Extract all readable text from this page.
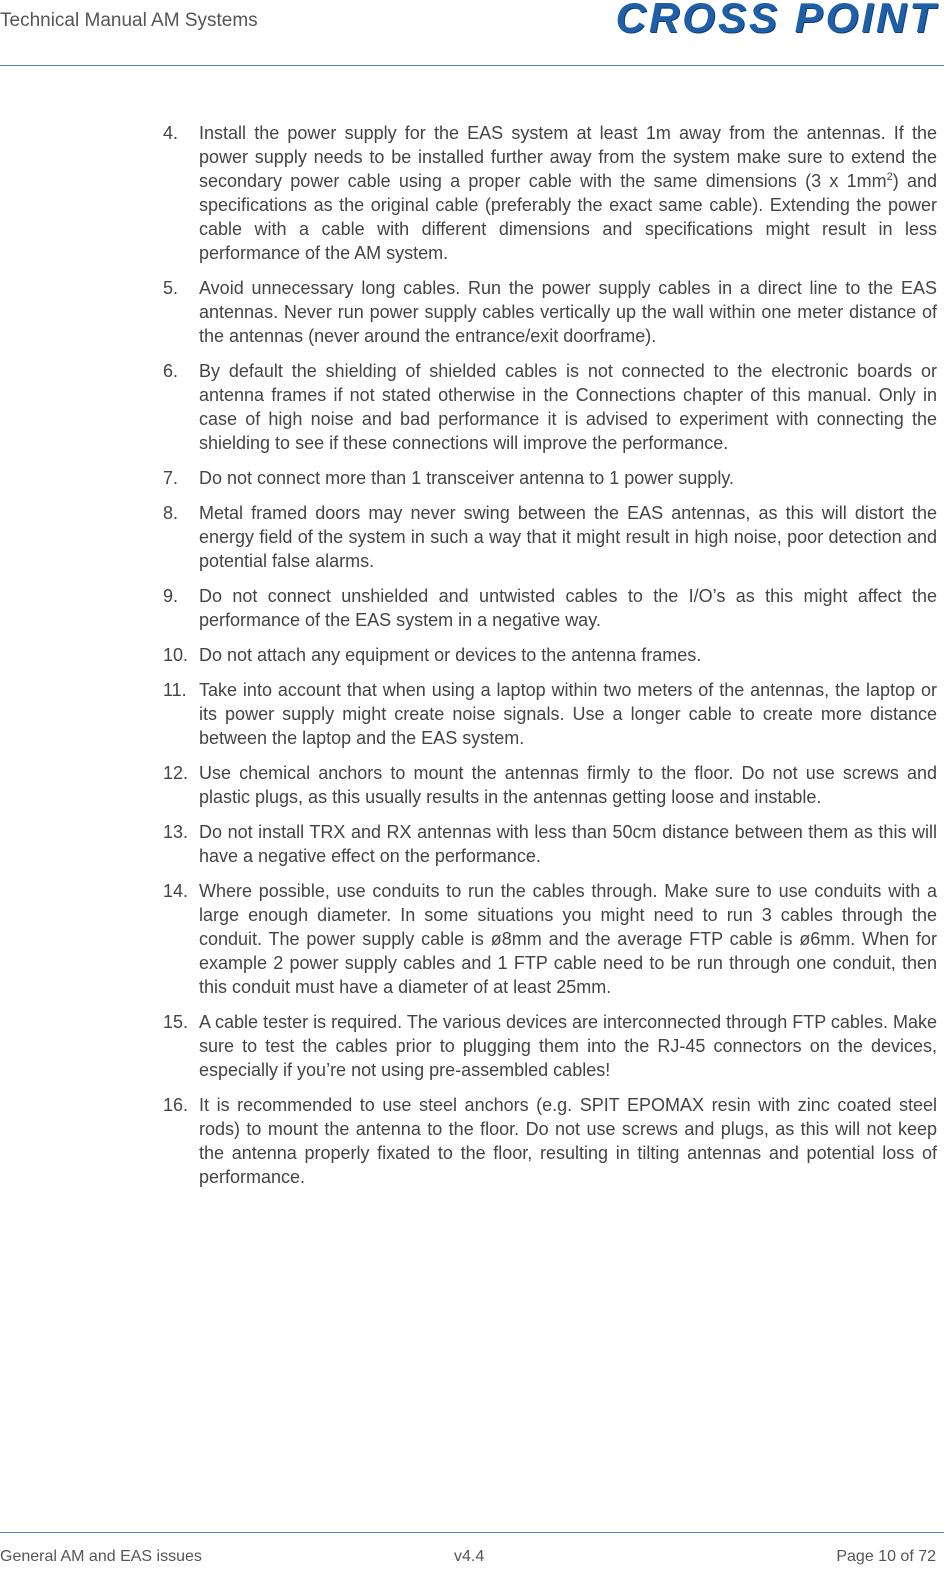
Technical Manual AM Systems	CROSS POINT
4. Install the power supply for the EAS system at least 1m away from the antennas. If the power supply needs to be installed further away from the system make sure to extend the secondary power cable using a proper cable with the same dimensions (3 x $1mm^2$) and specifications as the original cable (preferably the exact same cable). Extending the power cable with a cable with different dimensions and specifications might result in less performance of the AM system.
5. Avoid unnecessary long cables. Run the power supply cables in a direct line to the EAS antennas. Never run power supply cables vertically up the wall within one meter distance of the antennas (never around the entrance/exit doorframe).
6. By default the shielding of shielded cables is not connected to the electronic boards or antenna frames if not stated otherwise in the Connections chapter of this manual. Only in case of high noise and bad performance it is advised to experiment with connecting the shielding to see if these connections will improve the performance.
7. Do not connect more than 1 transceiver antenna to 1 power supply.
8. Metal framed doors may never swing between the EAS antennas, as this will distort the energy field of the system in such a way that it might result in high noise, poor detection and potential false alarms.
9. Do not connect unshielded and untwisted cables to the I/O’s as this might affect the performance of the EAS system in a negative way.
10. Do not attach any equipment or devices to the antenna frames.
11. Take into account that when using a laptop within two meters of the antennas, the laptop or its power supply might create noise signals. Use a longer cable to create more distance between the laptop and the EAS system.
12. Use chemical anchors to mount the antennas firmly to the floor. Do not use screws and plastic plugs, as this usually results in the antennas getting loose and instable.
13. Do not install TRX and RX antennas with less than 50cm distance between them as this will have a negative effect on the performance.
14. Where possible, use conduits to run the cables through. Make sure to use conduits with a large enough diameter. In some situations you might need to run 3 cables through the conduit. The power supply cable is ø8mm and the average FTP cable is ø6mm. When for example 2 power supply cables and 1 FTP cable need to be run through one conduit, then this conduit must have a diameter of at least 25mm.
15. A cable tester is required. The various devices are interconnected through FTP cables. Make sure to test the cables prior to plugging them into the RJ-45 connectors on the devices, especially if you’re not using pre-assembled cables!
16. It is recommended to use steel anchors (e.g. SPIT EPOMAX resin with zinc coated steel rods) to mount the antenna to the floor. Do not use screws and plugs, as this will not keep the antenna properly fixated to the floor, resulting in tilting antennas and potential loss of performance.
General AM and EAS issues	v4.4	Page 10 of 72
